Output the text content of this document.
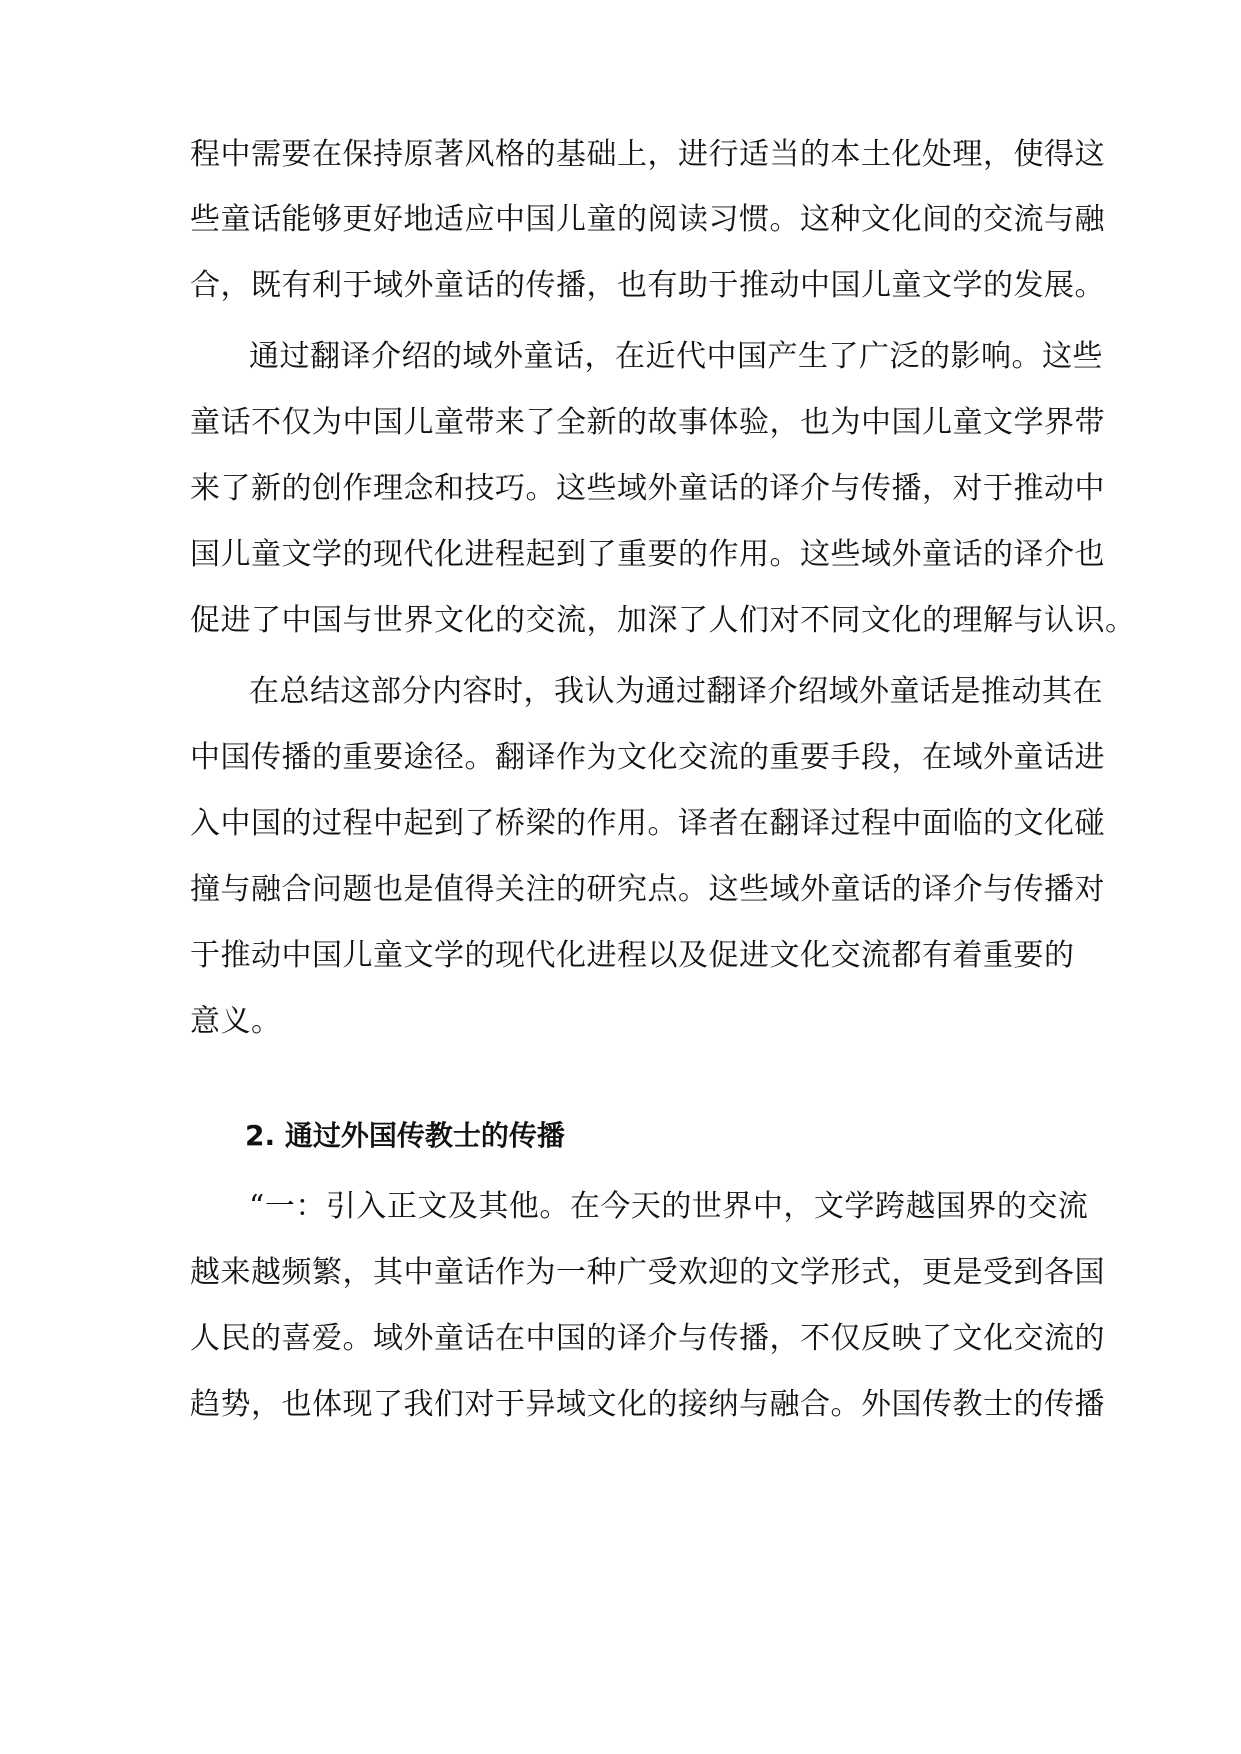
程中需要在保持原著风格的基础上，进行适当的本土化处理，使得这
些童话能够更好地适应中国儿童的阅读习惯。这种文化间的交流与融
合，既有利于域外童话的传播，也有助于推动中国儿童文学的发展。
通过翻译介绍的域外童话，在近代中国产生了广泛的影响。这些
童话不仅为中国儿童带来了全新的故事体验，也为中国儿童文学界带
来了新的创作理念和技巧。这些域外童话的译介与传播，对于推动中
国儿童文学的现代化进程起到了重要的作用。这些域外童话的译介也
促进了中国与世界文化的交流，加深了人们对不同文化的理解与认识。
在总结这部分内容时，我认为通过翻译介绍域外童话是推动其在
中国传播的重要途径。翻译作为文化交流的重要手段，在域外童话进
入中国的过程中起到了桥梁的作用。译者在翻译过程中面临的文化碰
撞与融合问题也是值得关注的研究点。这些域外童话的译介与传播对
于推动中国儿童文学的现代化进程以及促进文化交流都有着重要的
意义。
2. 通过外国传教士的传播
“一：引入正文及其他。在今天的世界中，文学跨越国界的交流
越来越频繁，其中童话作为一种广受欢迎的文学形式，更是受到各国
人民的喜爱。域外童话在中国的译介与传播，不仅反映了文化交流的
趋势，也体现了我们对于异域文化的接纳与融合。外国传教士的传播
